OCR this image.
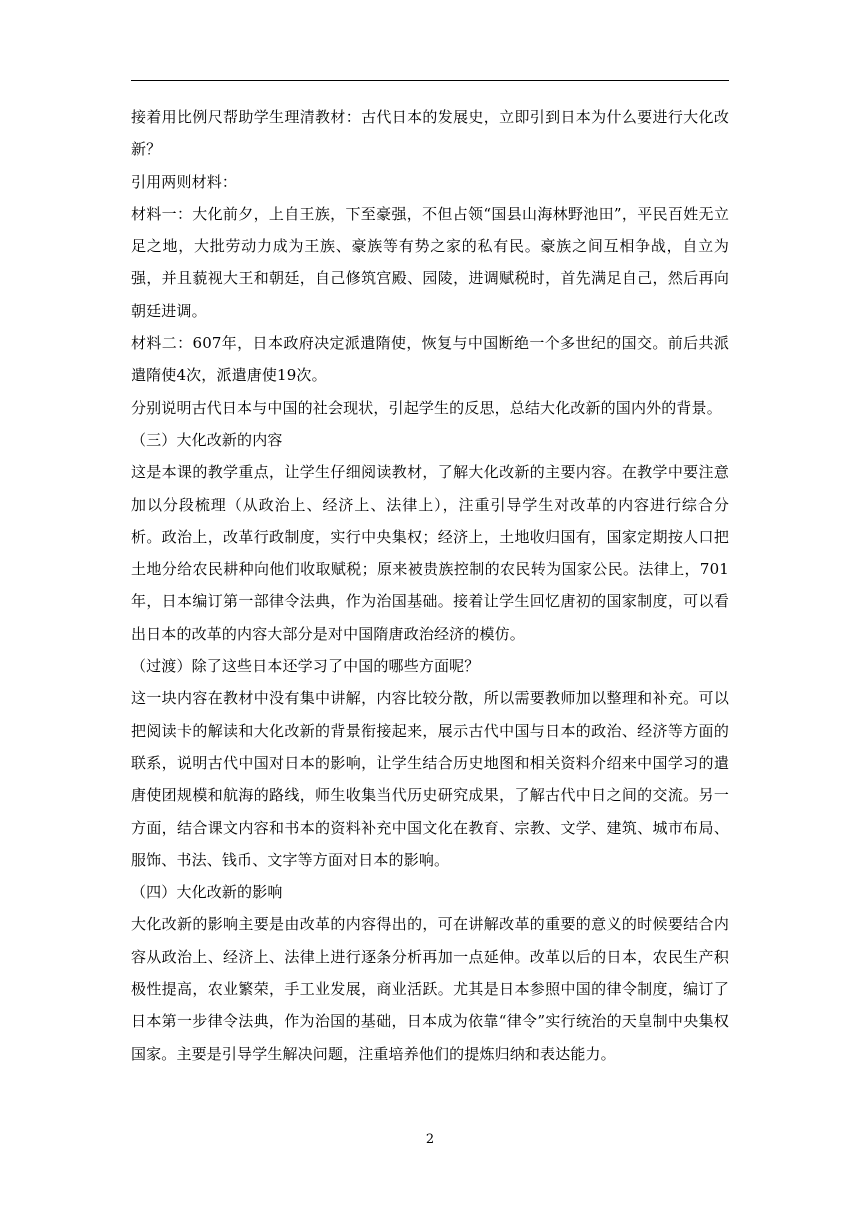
接着用比例尺帮助学生理清教材：古代日本的发展史，立即引到日本为什么要进行大化改新？

引用两则材料：

材料一：大化前夕，上自王族，下至豪强，不但占领“国县山海林野池田”，平民百姓无立足之地，大批劳动力成为王族、豪族等有势之家的私有民。豪族之间互相争战，自立为强，并且藐视大王和朝廷，自己修筑宫殿、园陵，进调赋税时，首先满足自己，然后再向朝廷进调。

材料二：607年，日本政府决定派遣隋使，恢复与中国断绝一个多世纪的国交。前后共派遣隋使4次，派遣唐使19次。

分别说明古代日本与中国的社会现状，引起学生的反思，总结大化改新的国内外的背景。

（三）大化改新的内容

这是本课的教学重点，让学生仔细阅读教材，了解大化改新的主要内容。在教学中要注意加以分段梳理（从政治上、经济上、法律上），注重引导学生对改革的内容进行综合分析。政治上，改革行政制度，实行中央集权；经济上，土地收归国有，国家定期按人口把土地分给农民耕种向他们收取赋税；原来被贵族控制的农民转为国家公民。法律上，701年，日本编订第一部律令法典，作为治国基础。接着让学生回忆唐初的国家制度，可以看出日本的改革的内容大部分是对中国隋唐政治经济的模仿。

（过渡）除了这些日本还学习了中国的哪些方面呢？

这一块内容在教材中没有集中讲解，内容比较分散，所以需要教师加以整理和补充。可以把阅读卡的解读和大化改新的背景衔接起来，展示古代中国与日本的政治、经济等方面的联系，说明古代中国对日本的影响，让学生结合历史地图和相关资料介绍来中国学习的遣唐使团规模和航海的路线，师生收集当代历史研究成果，了解古代中日之间的交流。另一方面，结合课文内容和书本的资料补充中国文化在教育、宗教、文学、建筑、城市布局、服饰、书法、钱币、文字等方面对日本的影响。

（四）大化改新的影响

大化改新的影响主要是由改革的内容得出的，可在讲解改革的重要的意义的时候要结合内容从政治上、经济上、法律上进行逐条分析再加一点延伸。改革以后的日本，农民生产积极性提高，农业繁荣，手工业发展，商业活跃。尤其是日本参照中国的律令制度，编订了日本第一步律令法典，作为治国的基础，日本成为依靠“律令”实行统治的天皇制中央集权国家。主要是引导学生解决问题，注重培养他们的提炼归纳和表达能力。

2
